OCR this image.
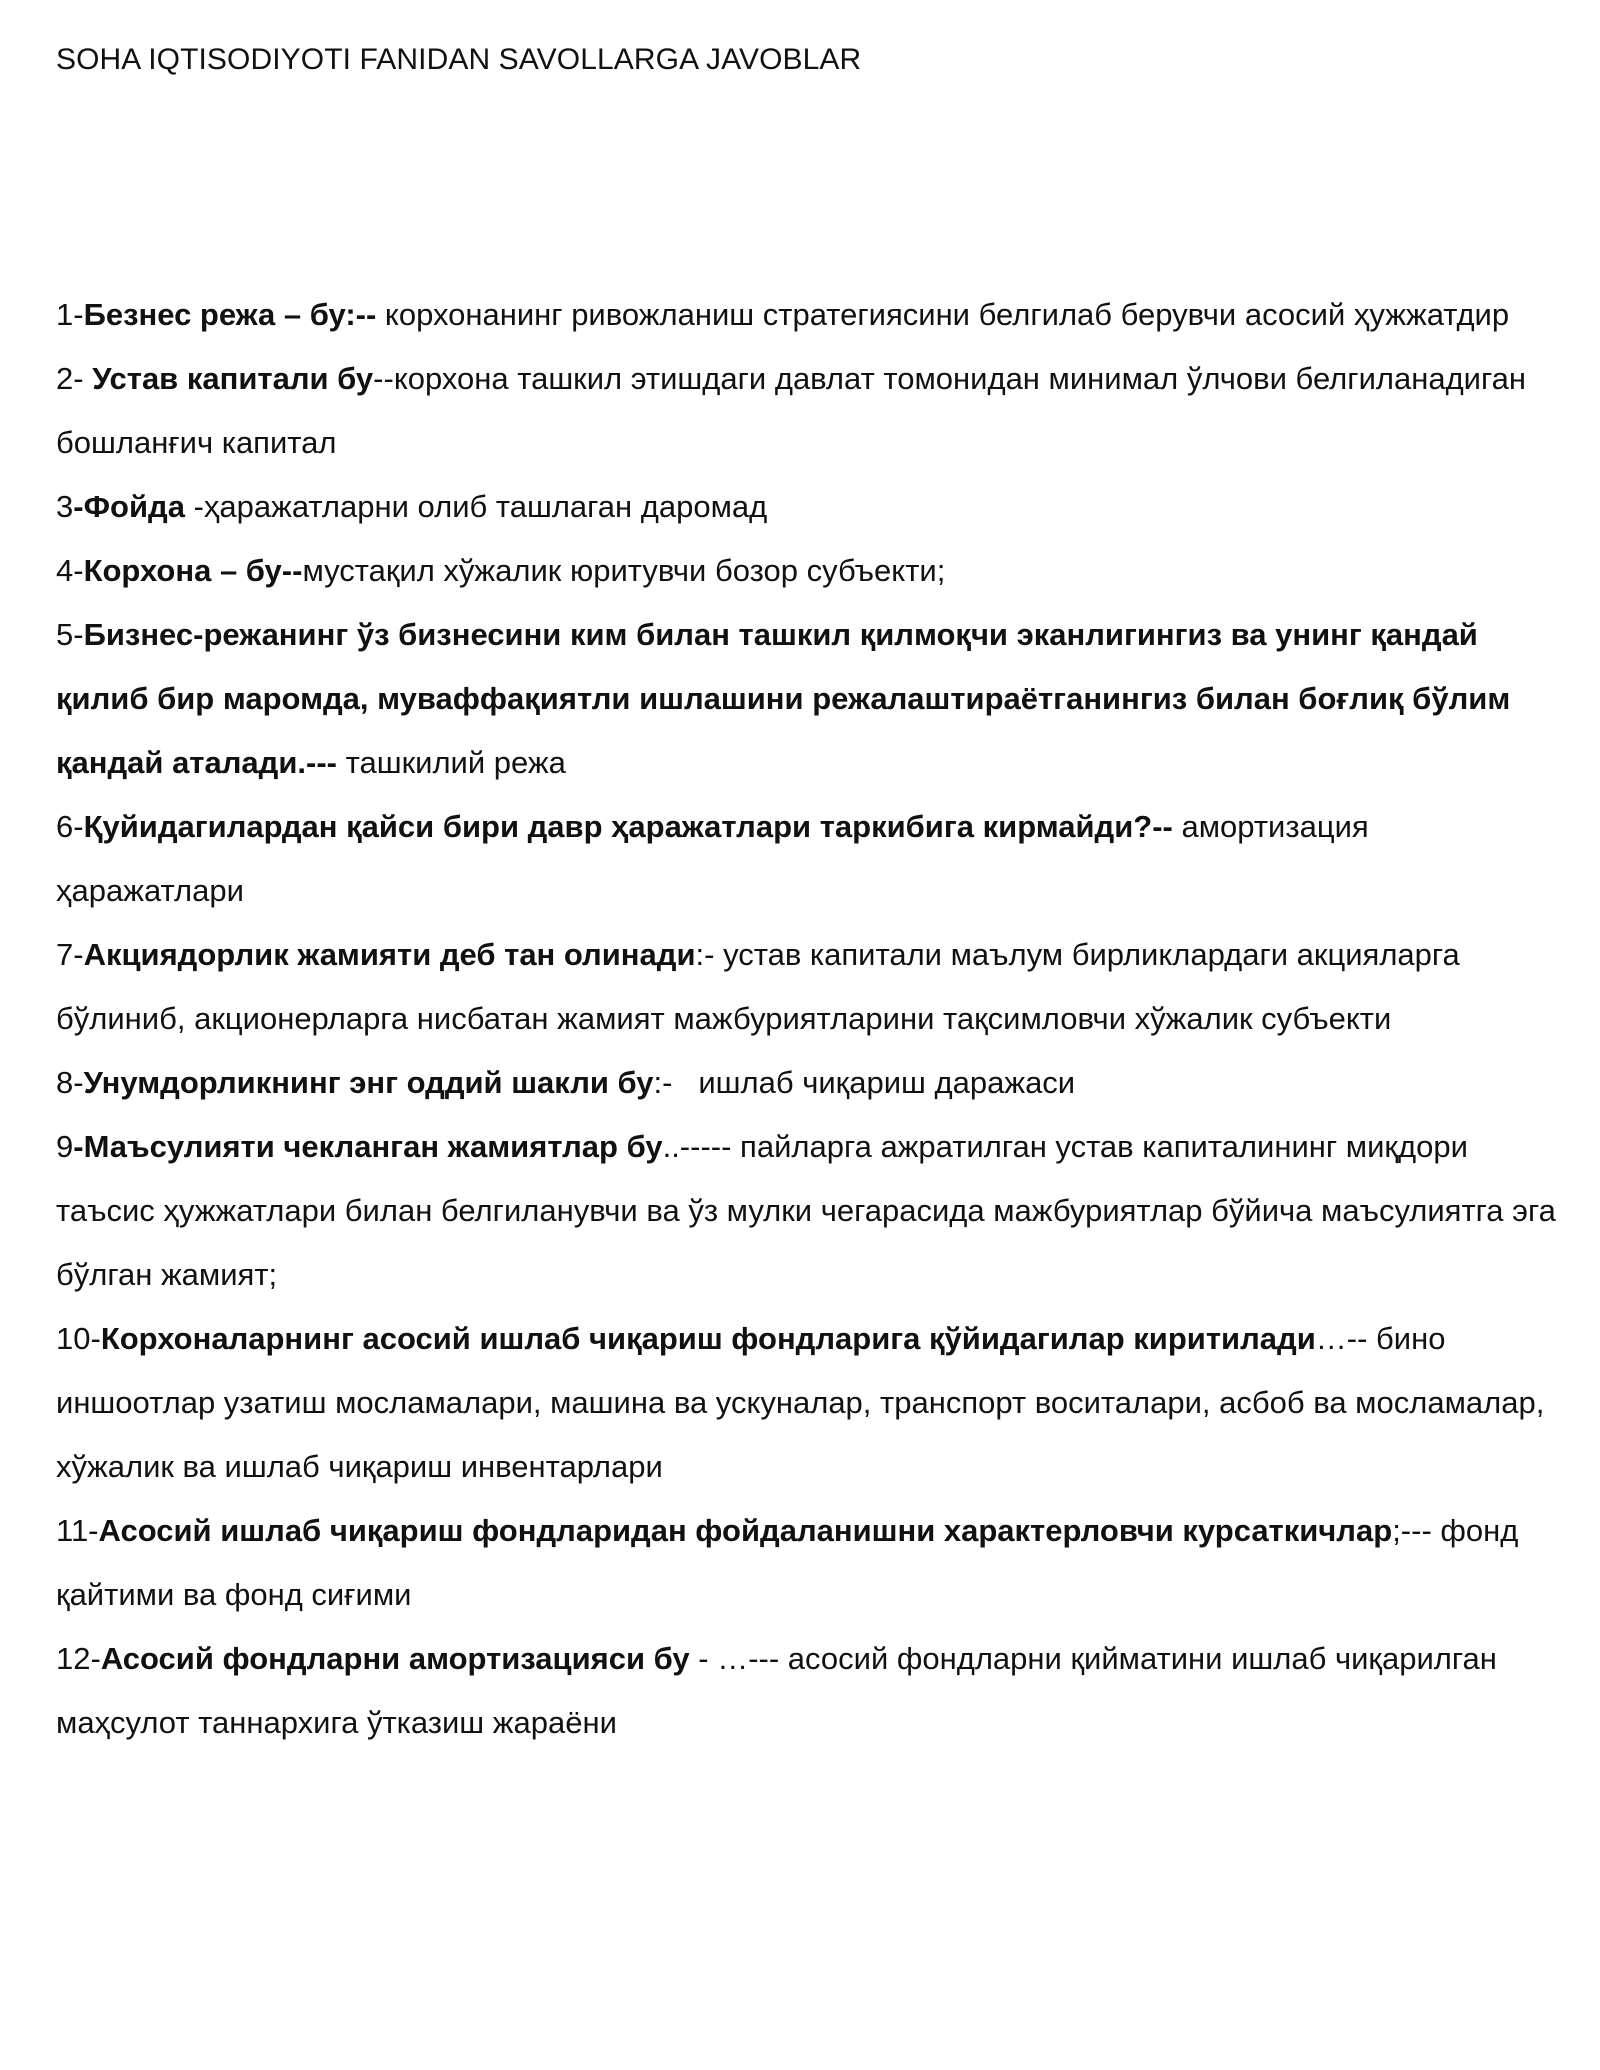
SOHA IQTISODIYOTI FANIDAN SAVOLLARGA JAVOBLAR

1-Безнес режа – бу:-- корхонанинг ривожланиш стратегиясини белгилаб берувчи асосий ҳужжатдир

2- Устав капитали бу--корхона ташкил этишдаги давлат томонидан минимал ўлчови белгиланадиган бошланғич капитал

3-Фойда -ҳаражатларни олиб ташлаган даромад

4-Корхона – бу--мустақил хўжалик юритувчи бозор субъекти;

5-Бизнес-режанинг ўз бизнесини ким билан ташкил қилмоқчи эканлигингиз ва унинг қандай қилиб бир маромда, муваффақиятли ишлашини режалаштираётганингиз билан боғлиқ бўлим қандай аталади.--- ташкилий режа

6-Қуйидагилардан қайси бири давр ҳаражатлари таркибига кирмайди?-- амортизация ҳаражатлари

7-Акциядорлик жамияти деб тан олинади:- устав капитали маълум бирликлардаги акцияларга бўлиниб, акционерларга нисбатан жамият мажбуриятларини тақсимловчи хўжалик субъекти

8-Унумдорликнинг энг оддий шакли бу:-   ишлаб чиқариш даражаси

9-Маъсулияти чекланган жамиятлар бу..----- пайларга ажратилган устав капиталининг миқдори таъсис ҳужжатлари билан белгиланувчи ва ўз мулки чегарасида мажбуриятлар бўйича маъсулиятга эга бўлган жамият;

10-Корхоналарнинг асосий ишлаб чиқариш фондларига қўйидагилар киритилади…-- бино иншоотлар узатиш мосламалари, машина ва ускуналар, транспорт воситалари, асбоб ва мосламалар, хўжалик ва ишлаб чиқариш инвентарлари

11-Асосий ишлаб чиқариш фондларидан фойдаланишни характерловчи курсаткичлар;--- фонд қайтими ва фонд сиғими

12-Асосий фондларни амортизацияси бу - …--- асосий фондларни қийматини ишлаб чиқарилган маҳсулот таннархига ўтказиш жараёни
